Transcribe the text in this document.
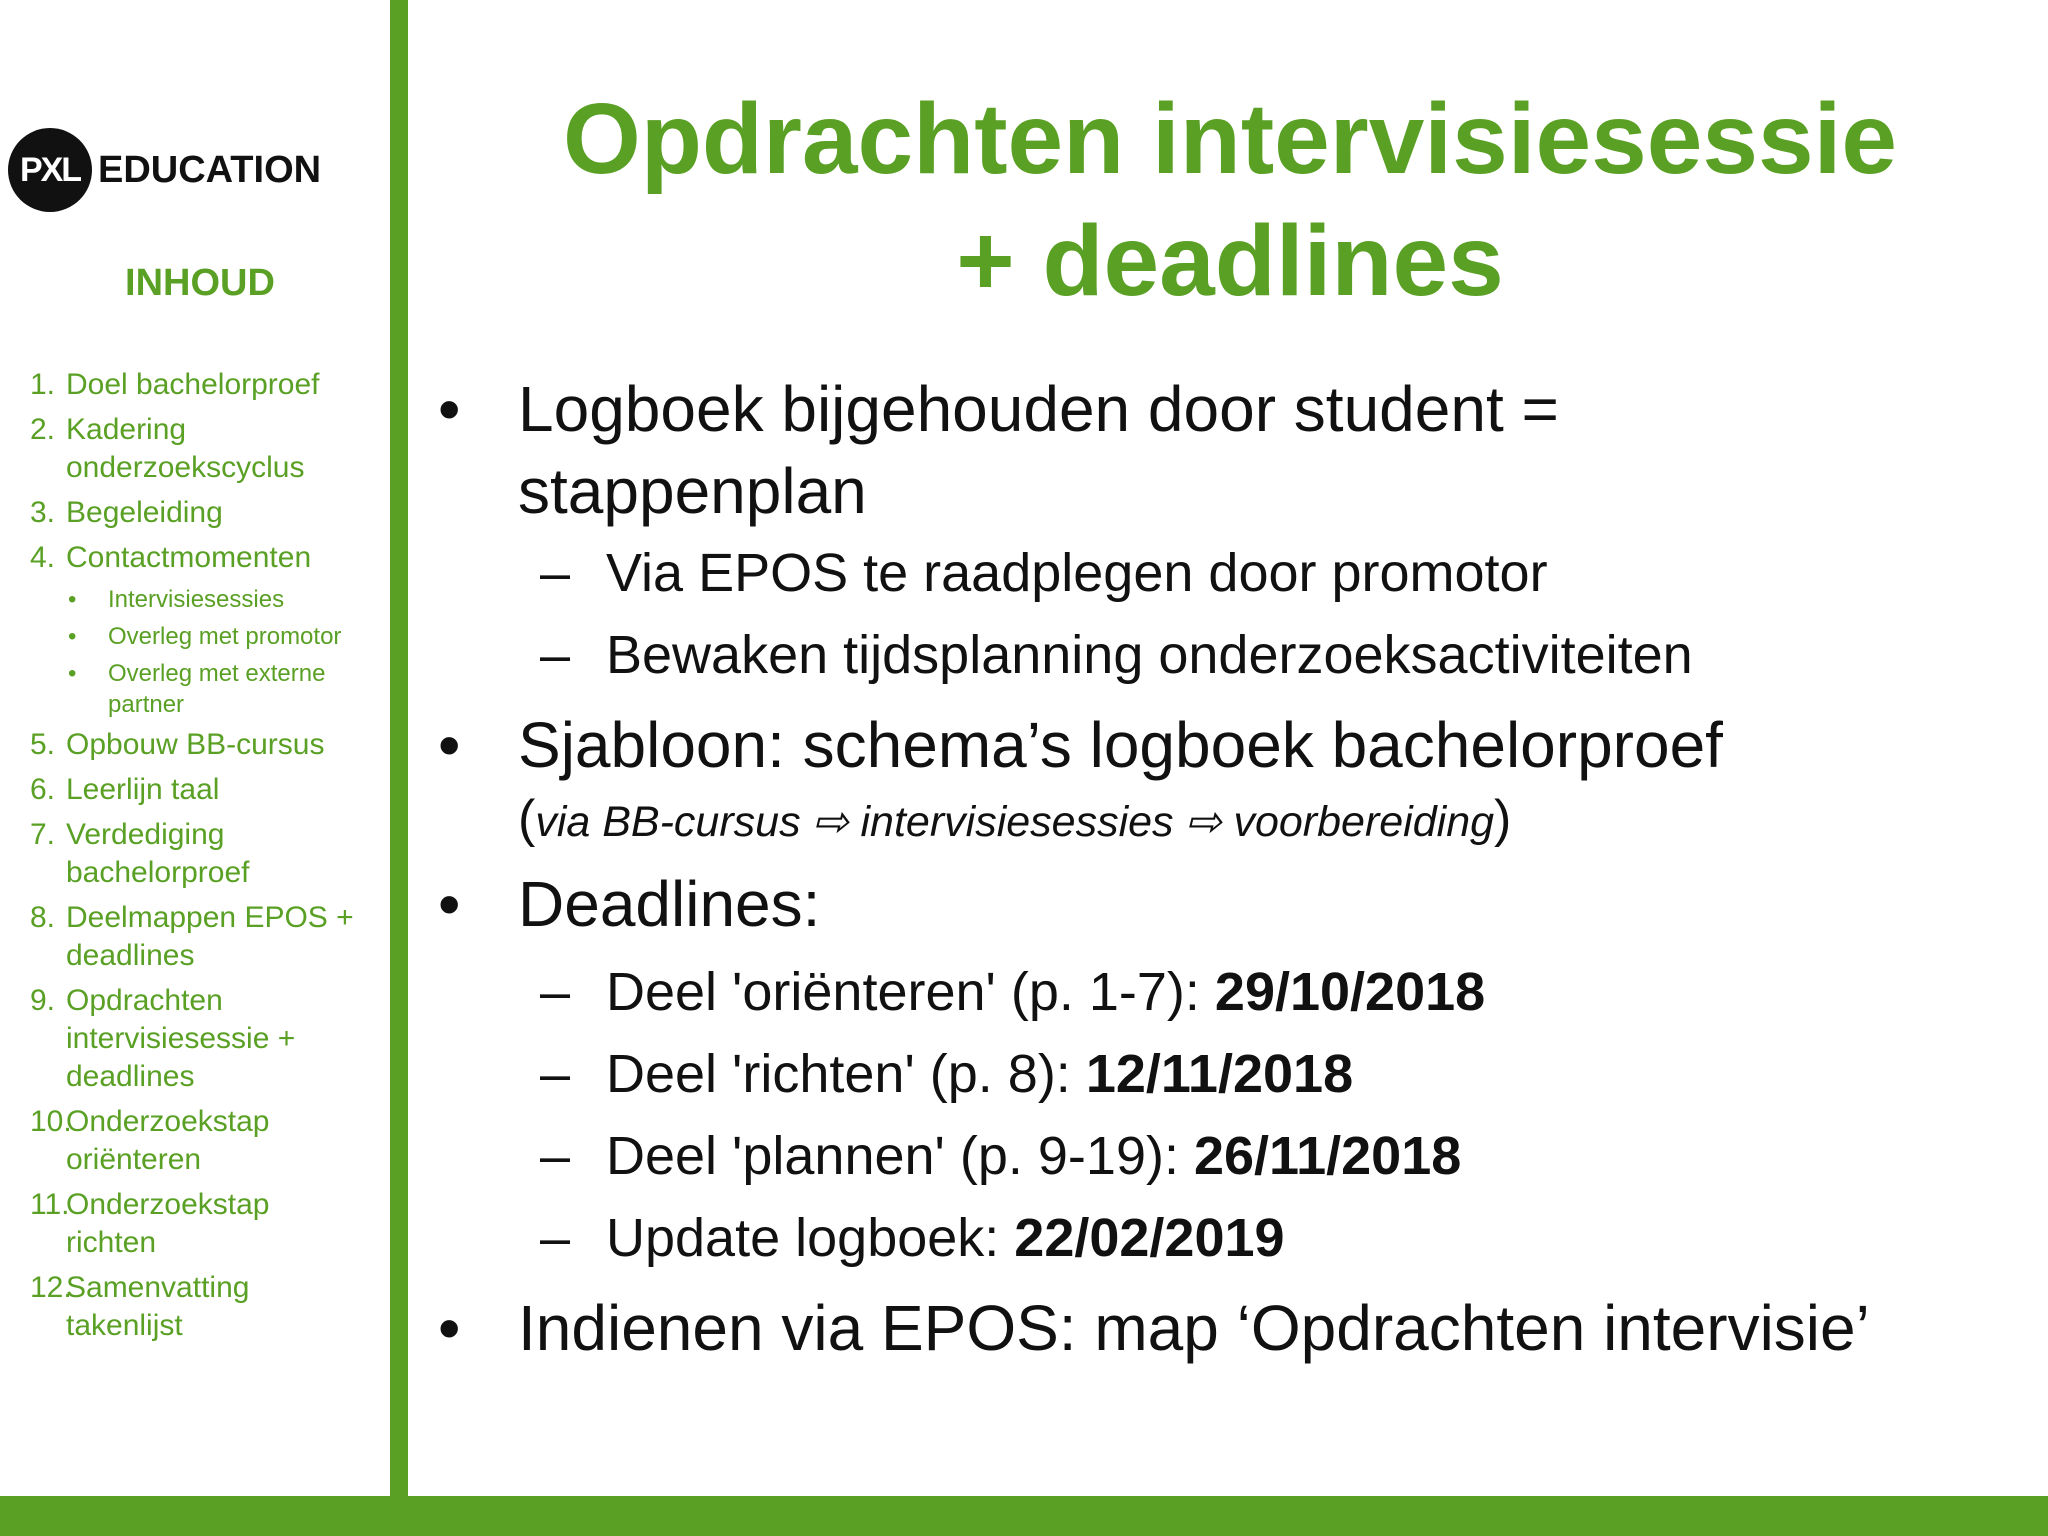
PXL EDUCATION
INHOUD
1. Doel bachelorproef
2. Kadering
onderzoekscyclus
3. Begeleiding
4. Contactmomenten
•	Intervisiesessies
•	Overleg met promotor
•	Overleg met externe
partner
5. Opbouw BB-cursus
6. Leerlijn taal
7. Verdediging
bachelorproef
8. Deelmappen EPOS +
deadlines
9. Opdrachten
intervisiesessie +
deadlines
10.
Onderzoekstap
oriënteren
11.
Onderzoekstap
richten
12.
Samenvatting
takenlijst
Opdrachten intervisiesessie
+ deadlines
• Logboek bijgehouden door student =
stappenplan
– Via EPOS te raadplegen door promotor
– Bewaken tijdsplanning onderzoeksactiviteiten
• Sjabloon: schema’s logboek bachelorproef
(via BB-cursus ⇨ intervisiesessies ⇨ voorbereiding)
• Deadlines:
– Deel 'oriënteren' (p. 1-7): 29/10/2018
– Deel 'richten' (p. 8): 12/11/2018
– Deel 'plannen' (p. 9-19): 26/11/2018
– Update logboek: 22/02/2019
• Indienen via EPOS: map ‘Opdrachten intervisie’
